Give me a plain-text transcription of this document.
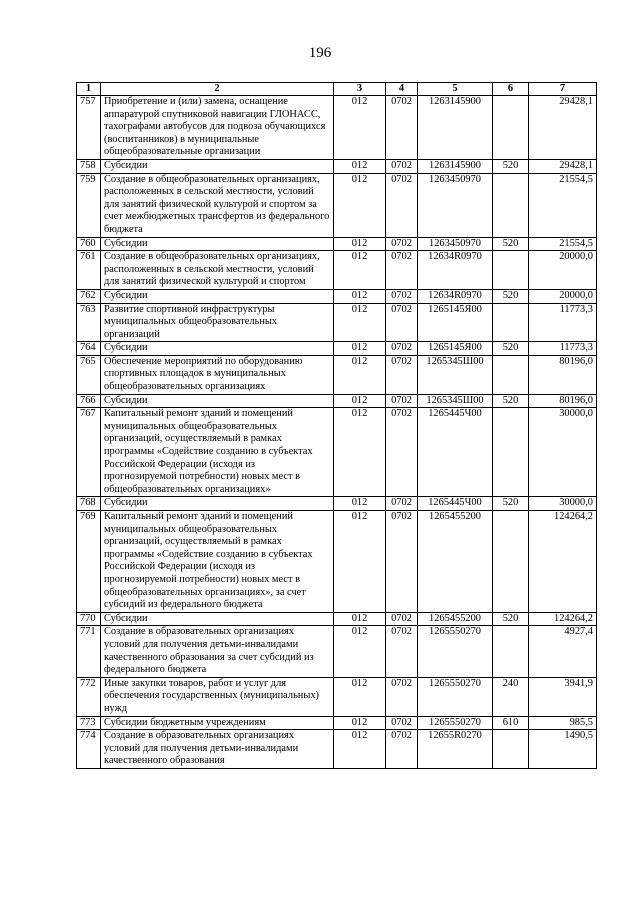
196
1	2	3	4	5	6	7
757	Приобретение и (или) замена, оснащение аппаратурой спутниковой навигации ГЛОНАСС, тахографами автобусов для подвоза обучающихся (воспитанников) в муниципальные общеобразовательные организации	012	0702	1263145900		29428,1
758	Субсидии	012	0702	1263145900	520	29428,1
759	Создание в общеобразовательных организациях, расположенных в сельской местности, условий для занятий физической культурой и спортом за счет межбюджетных трансфертов из федерального бюджета	012	0702	1263450970		21554,5
760	Субсидии	012	0702	1263450970	520	21554,5
761	Создание в общеобразовательных организациях, расположенных в сельской местности, условий для занятий физической культурой и спортом	012	0702	12634R0970		20000,0
762	Субсидии	012	0702	12634R0970	520	20000,0
763	Развитие спортивной инфраструктуры муниципальных общеобразовательных организаций	012	0702	1265145Я00		11773,3
764	Субсидии	012	0702	1265145Я00	520	11773,3
765	Обеспечение мероприятий по оборудованию спортивных площадок в муниципальных общеобразовательных организациях	012	0702	1265345Ш00		80196,0
766	Субсидии	012	0702	1265345Ш00	520	80196,0
767	Капитальный ремонт зданий и помещений муниципальных общеобразовательных организаций, осуществляемый в рамках программы «Содействие созданию в субъектах Российской Федерации (исходя из прогнозируемой потребности) новых мест в общеобразовательных организациях»	012	0702	1265445Ч00		30000,0
768	Субсидии	012	0702	1265445Ч00	520	30000,0
769	Капитальный ремонт зданий и помещений муниципальных общеобразовательных организаций, осуществляемый в рамках программы «Содействие созданию в субъектах Российской Федерации (исходя из прогнозируемой потребности) новых мест в общеобразовательных организациях», за счет субсидий из федерального бюджета	012	0702	1265455200		124264,2
770	Субсидии	012	0702	1265455200	520	124264,2
771	Создание в образовательных организациях условий для получения детьми-инвалидами качественного образования за счет субсидий из федерального бюджета	012	0702	1265550270		4927,4
772	Иные закупки товаров, работ и услуг для обеспечения государственных (муниципальных) нужд	012	0702	1265550270	240	3941,9
773	Субсидии бюджетным учреждениям	012	0702	1265550270	610	985,5
774	Создание в образовательных организациях условий для получения детьми-инвалидами качественного образования	012	0702	12655R0270		1490,5
